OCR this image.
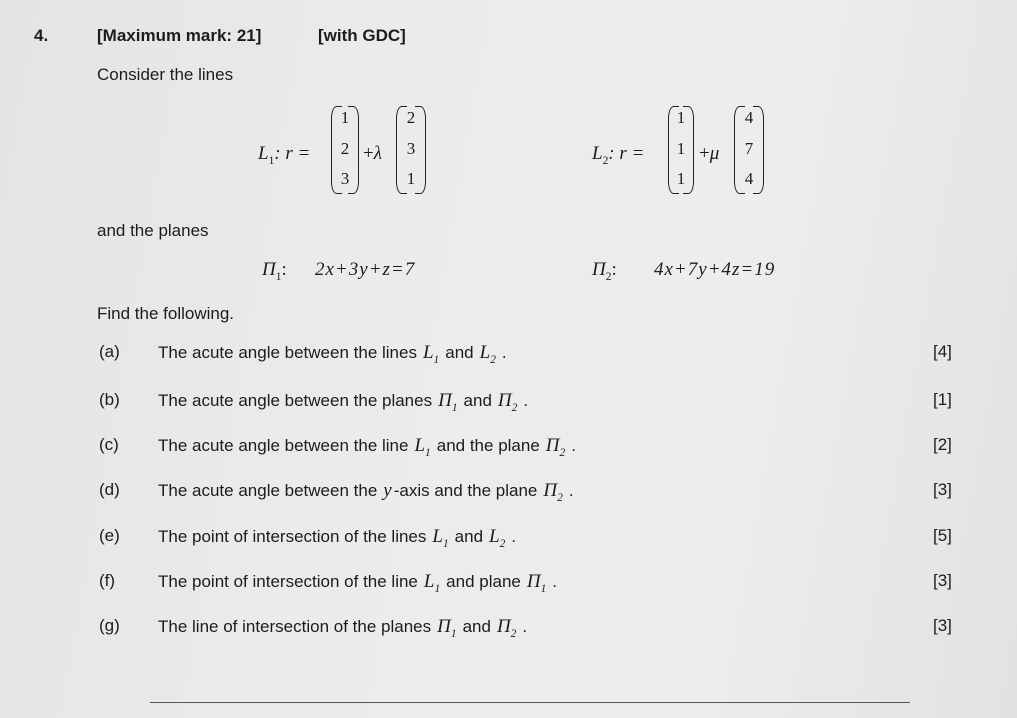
4.	[Maximum mark: 21]	[with GDC]
Consider the lines
$L_1$: r =
1
2
3
+λ
2
3
1
$L_2$: r =
1
1
1
+μ
4
7
4
and the planes
$\Pi_1$: 2x+3y+z=7	$\Pi_2$: 4x+7y+4z=19
Find the following.
(a) The acute angle between the lines $L_1$ and $L_2$ .	[4]
(b) The acute angle between the planes $\Pi_1$ and $\Pi_2$ .	[1]
(c) The acute angle between the line $L_1$ and the plane $\Pi_2$ .	[2]
(d) The acute angle between the y -axis and the plane $\Pi_2$ .	[3]
(e) The point of intersection of the lines $L_1$ and $L_2$ .	[5]
(f)	The point of intersection of the line $L_1$ and plane $\Pi_1$ .	[3]
(g) The line of intersection of the planes $\Pi_1$ and $\Pi_2$ .	[3]
